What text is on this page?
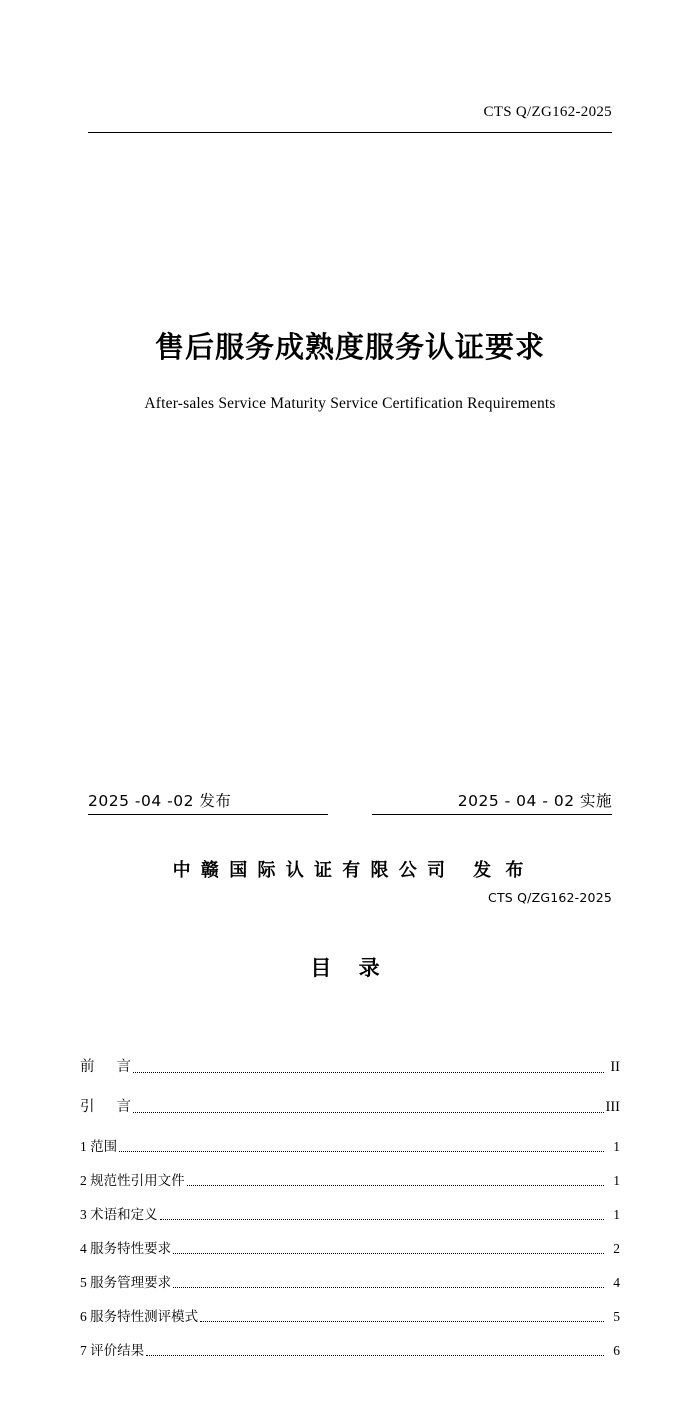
CTS Q/ZG162-2025
售后服务成熟度服务认证要求
After-sales Service Maturity Service Certification Requirements
2025 -04 -02 发布	2025 - 04 - 02 实施
中 赣 国 际 认 证 有 限 公 司 发 布
CTS Q/ZG162-2025
目 录
前 言	II
引 言	III
1 范围	1
2 规范性引用文件	1
3 术语和定义	1
4 服务特性要求	2
5 服务管理要求	4
6 服务特性测评模式	5
7 评价结果	6
